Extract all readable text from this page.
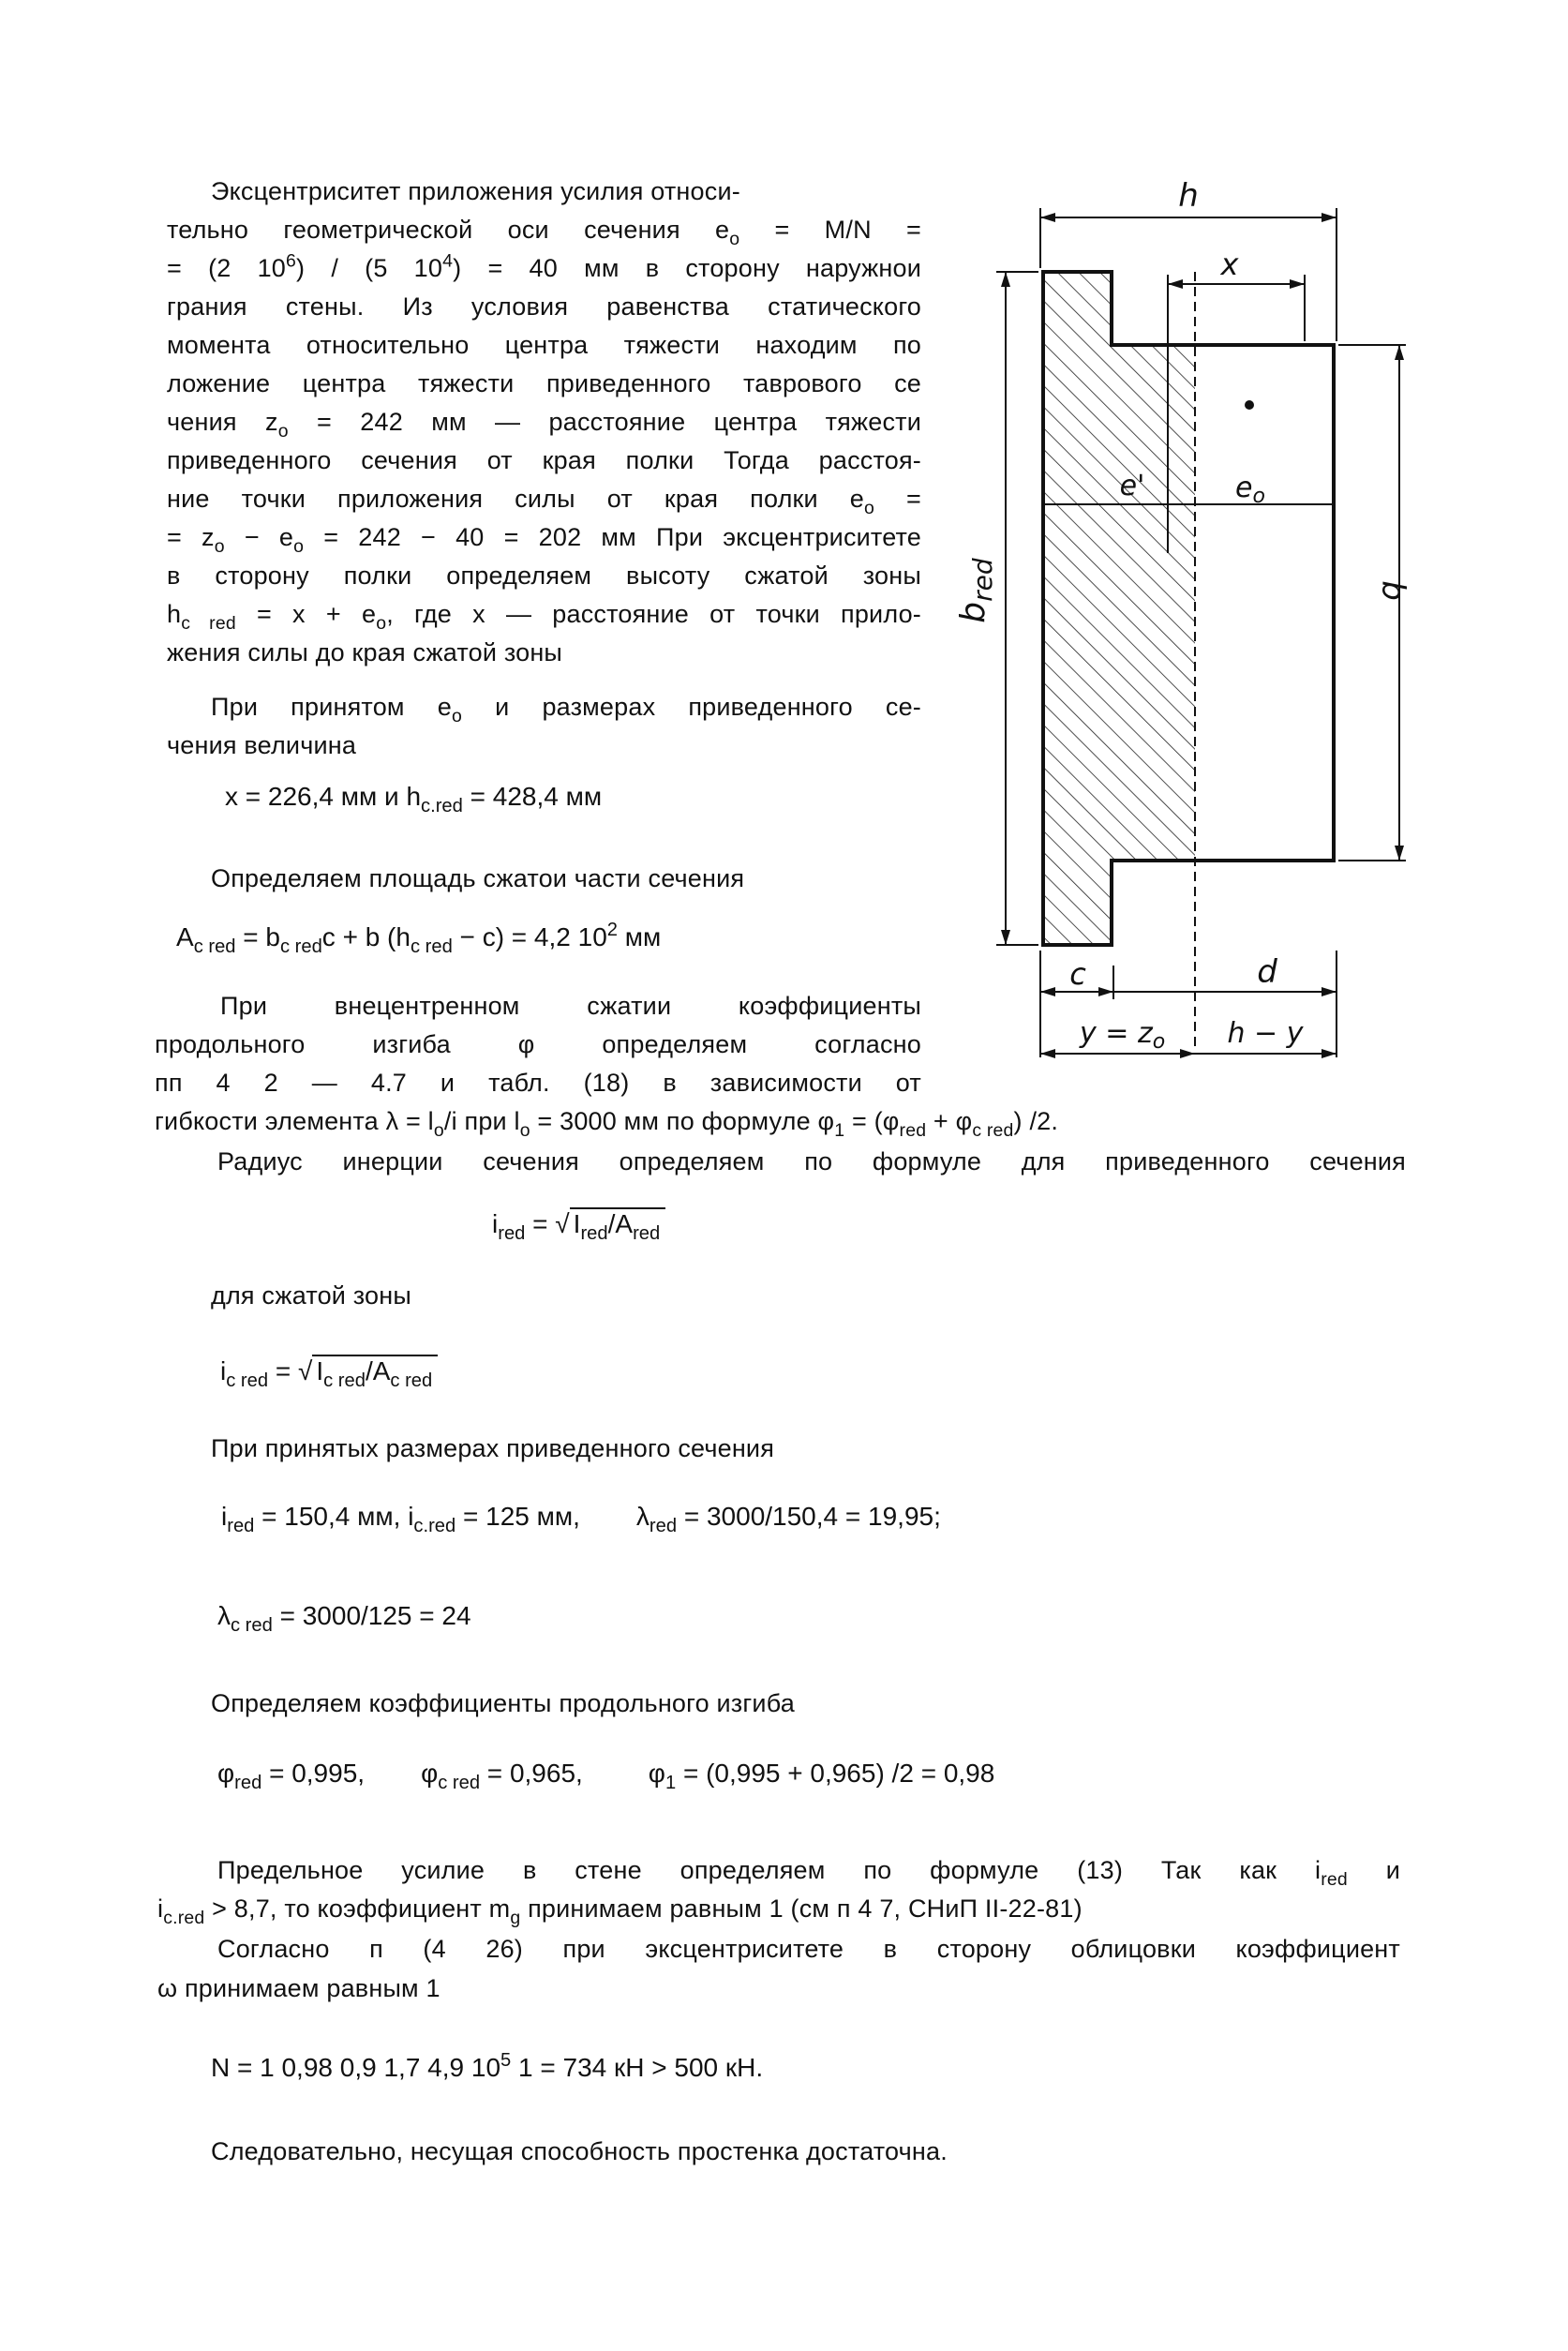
Эксцентриситет приложения усилия относи-

тельно геометрической оси сечения $e_o = M/N$ =

= (2 $10^6) / (5$ $10^4) = 40$ мм в сторону наружнои

грания стены. Из условия равенства статического

момента относительно центра тяжести находим по

ложение центра тяжести приведенного таврового се

чения $z_o = 242$ мм — расстояние центра тяжести

приведенного сечения от края полки Тогда расстоя-

ние точки приложения силы от края полки $e_o$ =

= $z_o - e_o = 242 - 40 = 202$ мм При эксцентриситете

в сторону полки определяем высоту сжатой зоны

$h_{c red} = x + e_o$, где x — расстояние от точки прило-

жения силы до края сжатой зоны

При принятом $e_o$ и размерах приведенного се-

чения величина

x = 226,4 мм и $h_{c.red} = 428,4$ мм

Определяем площадь сжатои части сечения

$A_{c red} = b_{c red}c + b$ $(h_{c red} - c) = 4,2$ $10^2$ мм

При внецентренном сжатии коэффициенты

продольного изгиба φ определяем согласно

пп 4 2 — 4.7 и табл. (18) в зависимости от

гибкости элемента $\lambda = l_o/i$ при $l_o = 3000$ мм по формуле $\varphi_1 = (\varphi_{red} + \varphi_{c red})$ /2.

Радиус инерции сечения определяем по формуле для приведенного сечения

$i_{red}$ = √ $I_{red}/A_{red}$

для сжатой зоны

$i_{c red}$ = √ $I_{c red}/A_{c red}$

При принятых размерах приведенного сечения

$i_{red} = 150,4$ мм, $i_{c.red} = 125$ мм, $\lambda_{red} = 3000/150,4 = 19,95$;

$\lambda_{c red} = 3000/125 = 24$

Определяем коэффициенты продольного изгиба

$\varphi_{red} = 0,995$, $\varphi_{c red} = 0,965$,	$\varphi_1 = (0,995 + 0,965) /2 = 0,98$

Предельное усилие в стене определяем по формуле (13) Так как $i_{red}$ и

$i_{c.red} > 8,7$, то коэффициент $m_g$ принимаем равным 1 (см п 4 7, СНиП II-22-81)

Согласно п (4 26) при эксцентриситете в сторону облицовки коэффициент

ω принимаем равным 1

N = 1 0,98 0,9 1,7 4,9 $10^5$ 1 = 734 кН > 500 кН.

Следовательно, несущая способность простенка достаточна.

h
x
b
$b_{red}$
e'	$e_o$
c	d
$y = z_o$ h − y
